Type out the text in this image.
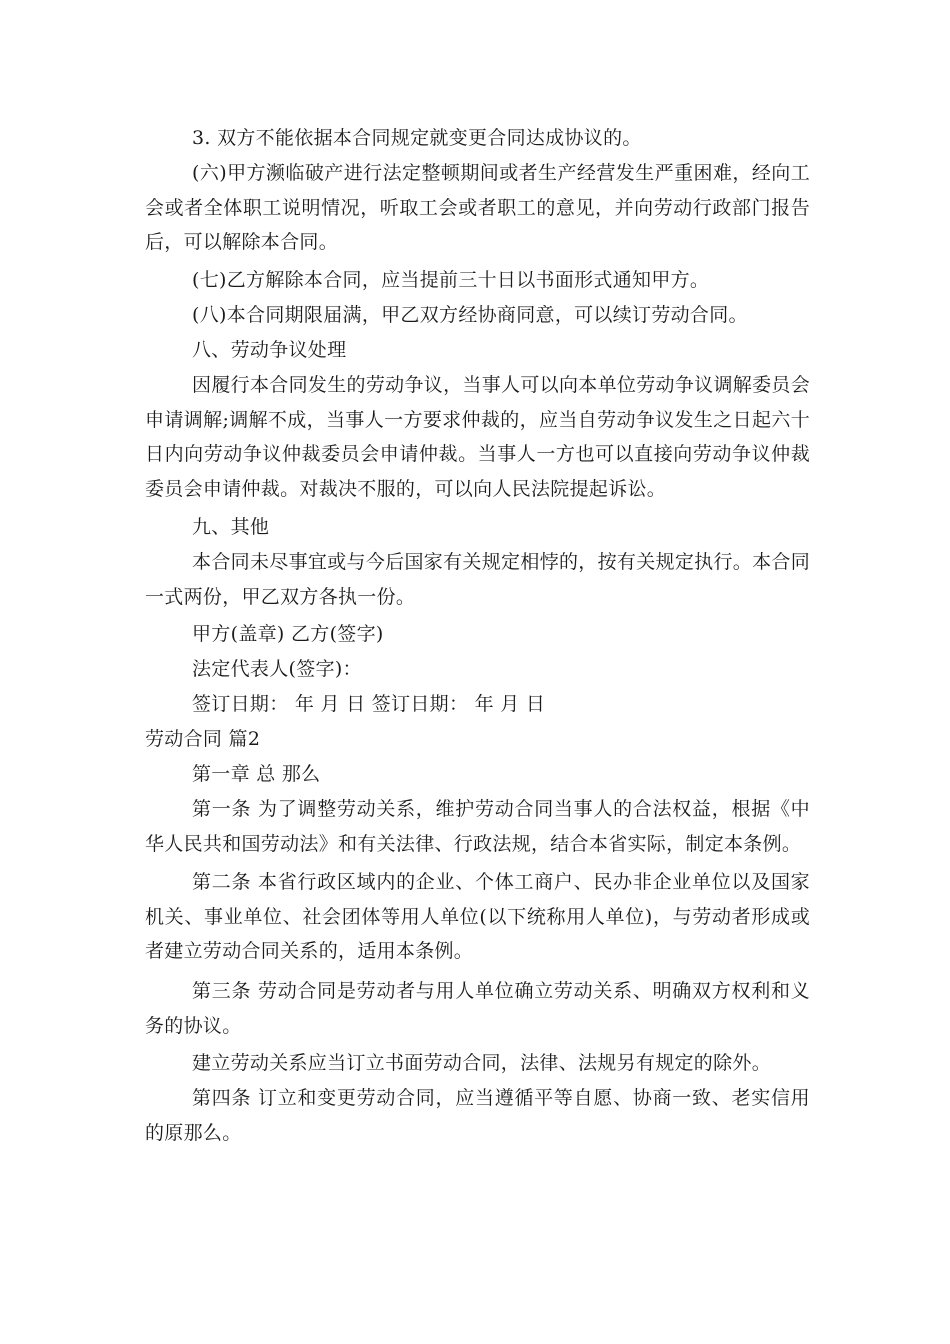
3. 双方不能依据本合同规定就变更合同达成协议的。
(六)甲方濒临破产进行法定整顿期间或者生产经营发生严重困难，经向工会或者全体职工说明情况，听取工会或者职工的意见，并向劳动行政部门报告后，可以解除本合同。
(七)乙方解除本合同，应当提前三十日以书面形式通知甲方。
(八)本合同期限届满，甲乙双方经协商同意，可以续订劳动合同。
八、劳动争议处理
因履行本合同发生的劳动争议，当事人可以向本单位劳动争议调解委员会申请调解;调解不成，当事人一方要求仲裁的，应当自劳动争议发生之日起六十日内向劳动争议仲裁委员会申请仲裁。当事人一方也可以直接向劳动争议仲裁委员会申请仲裁。对裁决不服的，可以向人民法院提起诉讼。
九、其他
本合同未尽事宜或与今后国家有关规定相悖的，按有关规定执行。本合同一式两份，甲乙双方各执一份。
甲方(盖章) 乙方(签字)
法定代表人(签字)：
签订日期： 年 月 日 签订日期： 年 月 日
劳动合同 篇2
第一章 总 那么
第一条 为了调整劳动关系，维护劳动合同当事人的合法权益，根据《中华人民共和国劳动法》和有关法律、行政法规，结合本省实际，制定本条例。
第二条 本省行政区域内的企业、个体工商户、民办非企业单位以及国家机关、事业单位、社会团体等用人单位(以下统称用人单位)，与劳动者形成或者建立劳动合同关系的，适用本条例。
第三条 劳动合同是劳动者与用人单位确立劳动关系、明确双方权利和义务的协议。
建立劳动关系应当订立书面劳动合同，法律、法规另有规定的除外。
第四条 订立和变更劳动合同，应当遵循平等自愿、协商一致、老实信用的原那么。
